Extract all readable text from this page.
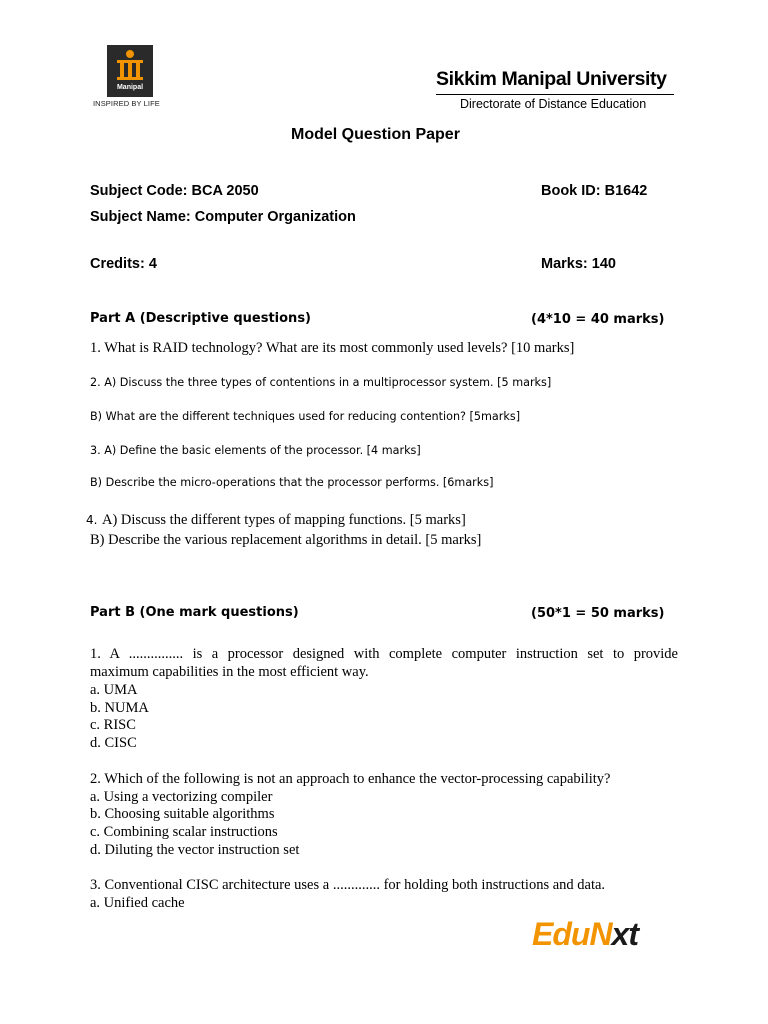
Manipal
INSPIRED BY LIFE
Sikkim Manipal University
Directorate of Distance Education
Model Question Paper
Subject Code: BCA 2050	Book ID: B1642
Subject Name: Computer Organization
Credits: 4	Marks: 140
Part A (Descriptive questions)	(4*10 = 40 marks)
1. What is RAID technology? What are its most commonly used levels? [10 marks]
2. A) Discuss the three types of contentions in a multiprocessor system. [5 marks]
B) What are the different techniques used for reducing contention? [5marks]
3. A) Define the basic elements of the processor. [4 marks]
B) Describe the micro-operations that the processor performs. [6marks]
4. A) Discuss the different types of mapping functions. [5 marks]
B) Describe the various replacement algorithms in detail. [5 marks]
Part B (One mark questions)	(50*1 = 50 marks)
1. A ............... is a processor designed with complete computer instruction set to provide
maximum capabilities in the most efficient way.
a. UMA
b. NUMA
c. RISC
d. CISC
2. Which of the following is not an approach to enhance the vector-processing capability?
a. Using a vectorizing compiler
b. Choosing suitable algorithms
c. Combining scalar instructions
d. Diluting the vector instruction set
3. Conventional CISC architecture uses a ............. for holding both instructions and data.
a. Unified cache
EduNxt
